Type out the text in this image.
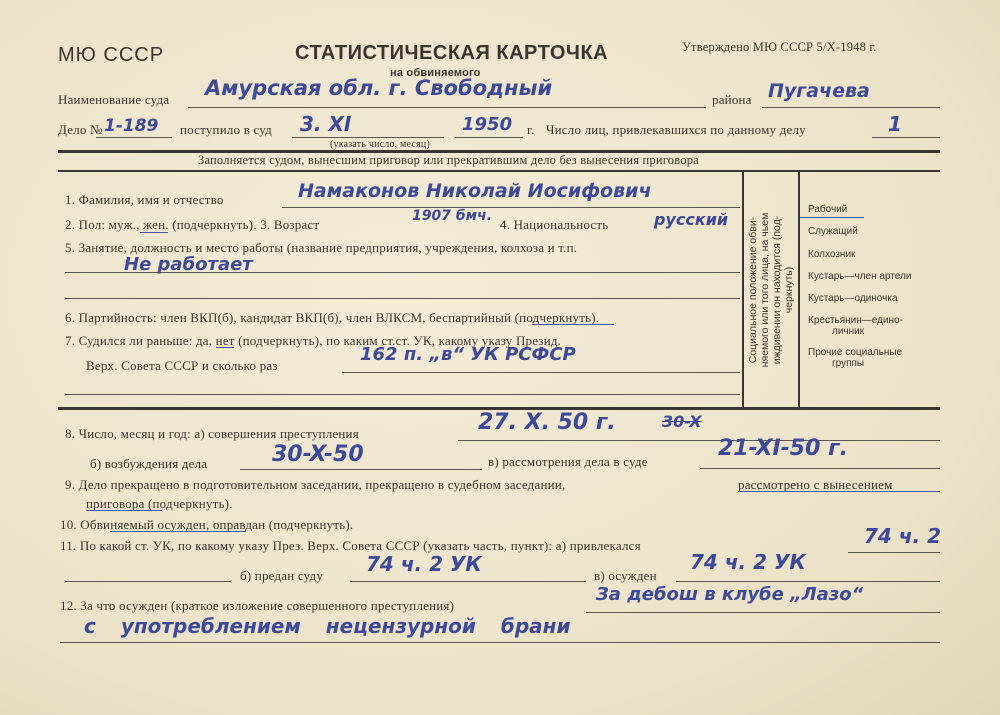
МЮ СССР	СТАТИСТИЧЕСКАЯ КАРТОЧКА
на обвиняемого
Утверждено МЮ СССР 5/Х-1948 г.
Наименование суда Амурская обл. г. Свободный	района Пугачева
Дело № 1-189 поступило в суд 3. XI
(указать число, месяц)
1950 г. Число лиц, привлекавшихся по данному делу	1
Заполняется судом, вынесшим приговор или прекратившим дело без вынесения приговора
Социальное положение обви- няемого или того лица, на чьем иждивении он находится (под- черкнуть)
Рабочий
Служащий
Колхозник
Кустарь—член артели
Кустарь—одиночка
Крестьянин—едино-
личник
Прочие социальные
группы
1. Фамилия, имя и отчество	Намаконов Николай Иосифович
2. Пол: муж., жен. (подчеркнуть). 3. Возраст
1907 бмч.
4. Национальность	русский
5. Занятие, должность и место работы (название предприятия, учреждения, колхоза и т.п.
Не работает
6. Партийность: член ВКП(б), кандидат ВКП(б), член ВЛКСМ, беспартийный (подчеркнуть).
7. Судился ли раньше: да, нет (подчеркнуть), по каким ст.ст. УК, какому указу Презид.
Верх. Совета СССР и сколько раз
162 п. „в“ УК РСФСР
8. Число, месяц и год: а) совершения преступления	27. X. 50 г.	30-X
б) возбуждения дела	30-X-50	в) рассмотрения дела в суде
21-XI-50 г.
9. Дело прекращено в подготовительном заседании, прекращено в судебном заседании,	рассмотрено с вынесением
приговора (подчеркнуть).
10. Обвиняемый осужден, оправдан (подчеркнуть).
11. По какой ст. УК, по какому указу През. Верх. Совета СССР (указать часть, пункт): а) привлекался	74 ч. 2
б) предан суду 74 ч. 2 УК	в) осужден
74 ч. 2 УК
12. За что осужден (краткое изложение совершенного преступления)
За дебош в клубе „Лазо“
с употреблением нецензурной брани
